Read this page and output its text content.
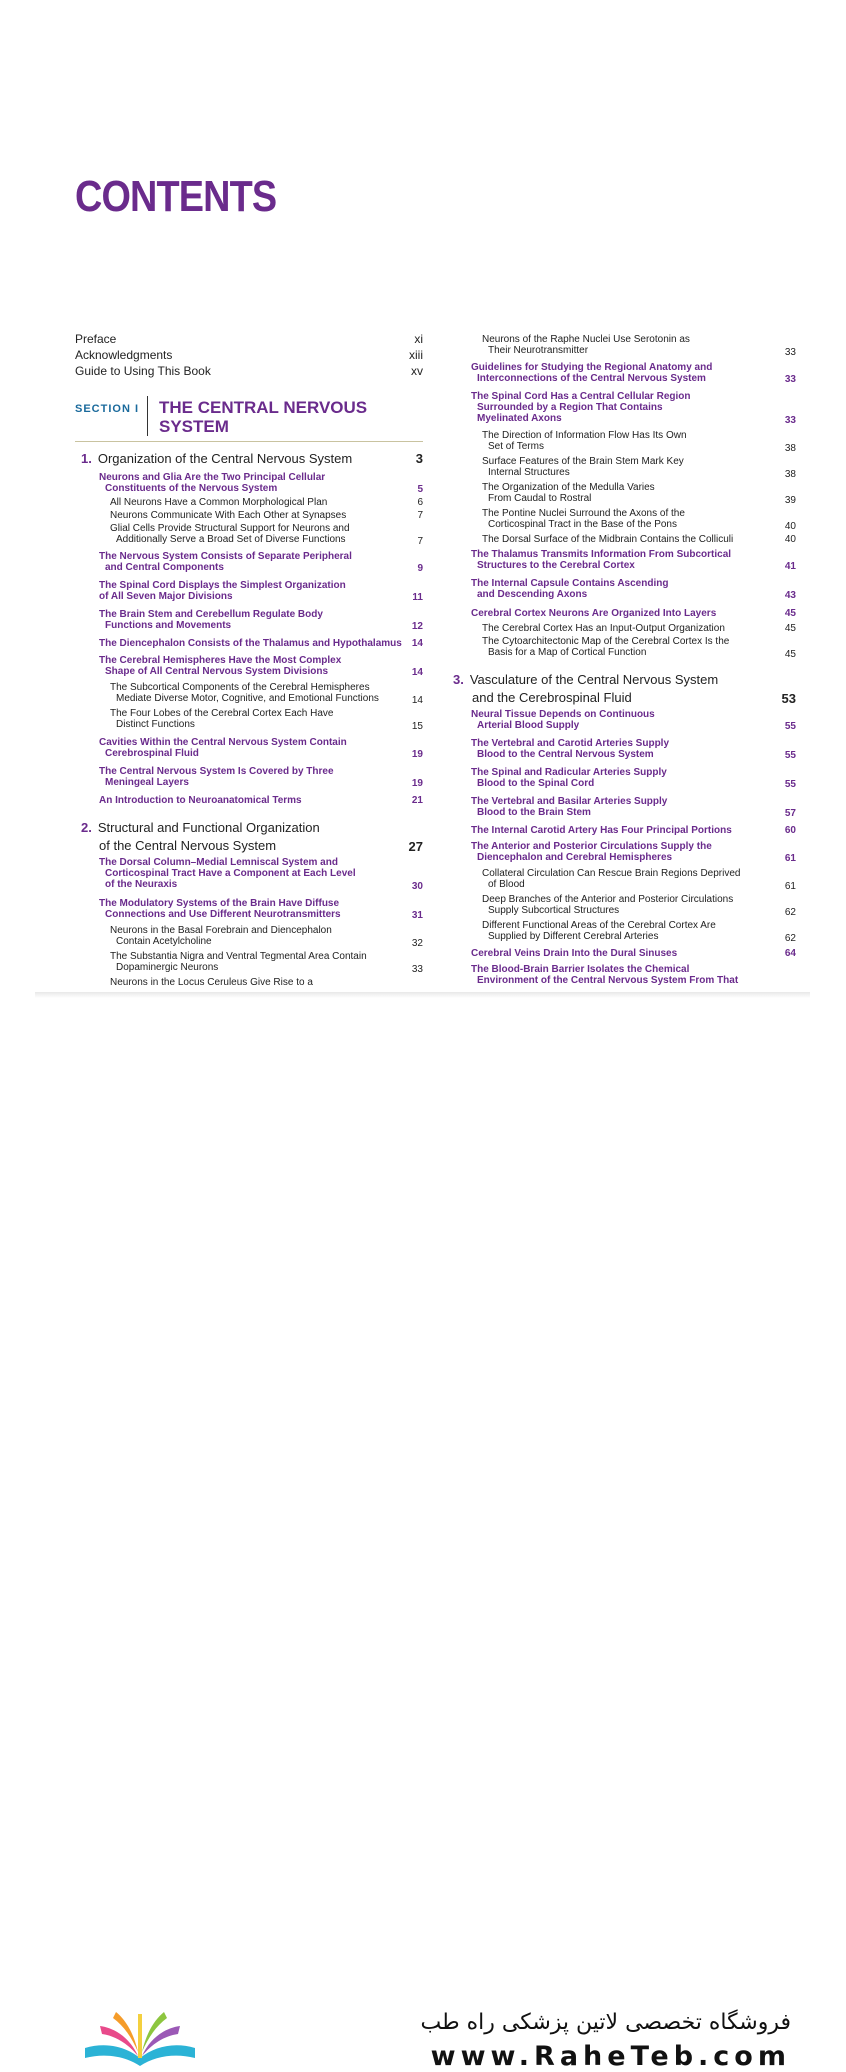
CONTENTS
Preface	xi
Acknowledgments	xiii
Guide to Using This Book	xv
SECTION I THE CENTRAL NERVOUS
SYSTEM
1. Organization of the Central Nervous System	3
Neurons and Glia Are the Two Principal Cellular
Constituents of the Nervous System	5
All Neurons Have a Common Morphological Plan	6
Neurons Communicate With Each Other at Synapses	7
Glial Cells Provide Structural Support for Neurons and
Additionally Serve a Broad Set of Diverse Functions	7
The Nervous System Consists of Separate Peripheral
and Central Components	9
The Spinal Cord Displays the Simplest Organization
of All Seven Major Divisions	11
The Brain Stem and Cerebellum Regulate Body
Functions and Movements	12
The Diencephalon Consists of the Thalamus and Hypothalamus 14
The Cerebral Hemispheres Have the Most Complex
Shape of All Central Nervous System Divisions	14
The Subcortical Components of the Cerebral Hemispheres
Mediate Diverse Motor, Cognitive, and Emotional Functions	14
The Four Lobes of the Cerebral Cortex Each Have
Distinct Functions	15
Cavities Within the Central Nervous System Contain
Cerebrospinal Fluid	19
The Central Nervous System Is Covered by Three
Meningeal Layers	19
An Introduction to Neuroanatomical Terms	21
2. Structural and Functional Organization
of the Central Nervous System	27
The Dorsal Column–Medial Lemniscal System and
Corticospinal Tract Have a Component at Each Level
of the Neuraxis	30
The Modulatory Systems of the Brain Have Diffuse
Connections and Use Different Neurotransmitters	31
Neurons in the Basal Forebrain and Diencephalon
Contain Acetylcholine	32
The Substantia Nigra and Ventral Tegmental Area Contain
Dopaminergic Neurons	33
Neurons in the Locus Ceruleus Give Rise to a
Neurons of the Raphe Nuclei Use Serotonin as
Their Neurotransmitter	33
Guidelines for Studying the Regional Anatomy and
Interconnections of the Central Nervous System	33
The Spinal Cord Has a Central Cellular Region
Surrounded by a Region That Contains
Myelinated Axons	33
The Direction of Information Flow Has Its Own
Set of Terms	38
Surface Features of the Brain Stem Mark Key
Internal Structures	38
The Organization of the Medulla Varies
From Caudal to Rostral	39
The Pontine Nuclei Surround the Axons of the
Corticospinal Tract in the Base of the Pons	40
The Dorsal Surface of the Midbrain Contains the Colliculi	40
The Thalamus Transmits Information From Subcortical
Structures to the Cerebral Cortex	41
The Internal Capsule Contains Ascending
and Descending Axons	43
Cerebral Cortex Neurons Are Organized Into Layers	45
The Cerebral Cortex Has an Input-Output Organization	45
The Cytoarchitectonic Map of the Cerebral Cortex Is the
Basis for a Map of Cortical Function	45
3. Vasculature of the Central Nervous System
and the Cerebrospinal Fluid	53
Neural Tissue Depends on Continuous
Arterial Blood Supply	55
The Vertebral and Carotid Arteries Supply
Blood to the Central Nervous System	55
The Spinal and Radicular Arteries Supply
Blood to the Spinal Cord	55
The Vertebral and Basilar Arteries Supply
Blood to the Brain Stem	57
The Internal Carotid Artery Has Four Principal Portions	60
The Anterior and Posterior Circulations Supply the
Diencephalon and Cerebral Hemispheres	61
Collateral Circulation Can Rescue Brain Regions Deprived
of Blood	61
Deep Branches of the Anterior and Posterior Circulations
Supply Subcortical Structures	62
Different Functional Areas of the Cerebral Cortex Are
Supplied by Different Cerebral Arteries	62
Cerebral Veins Drain Into the Dural Sinuses	64
The Blood-Brain Barrier Isolates the Chemical
Environment of the Central Nervous System From That
فروشگاه تخصصی لاتین پزشکی راه طب
www.RaheTeb.com
